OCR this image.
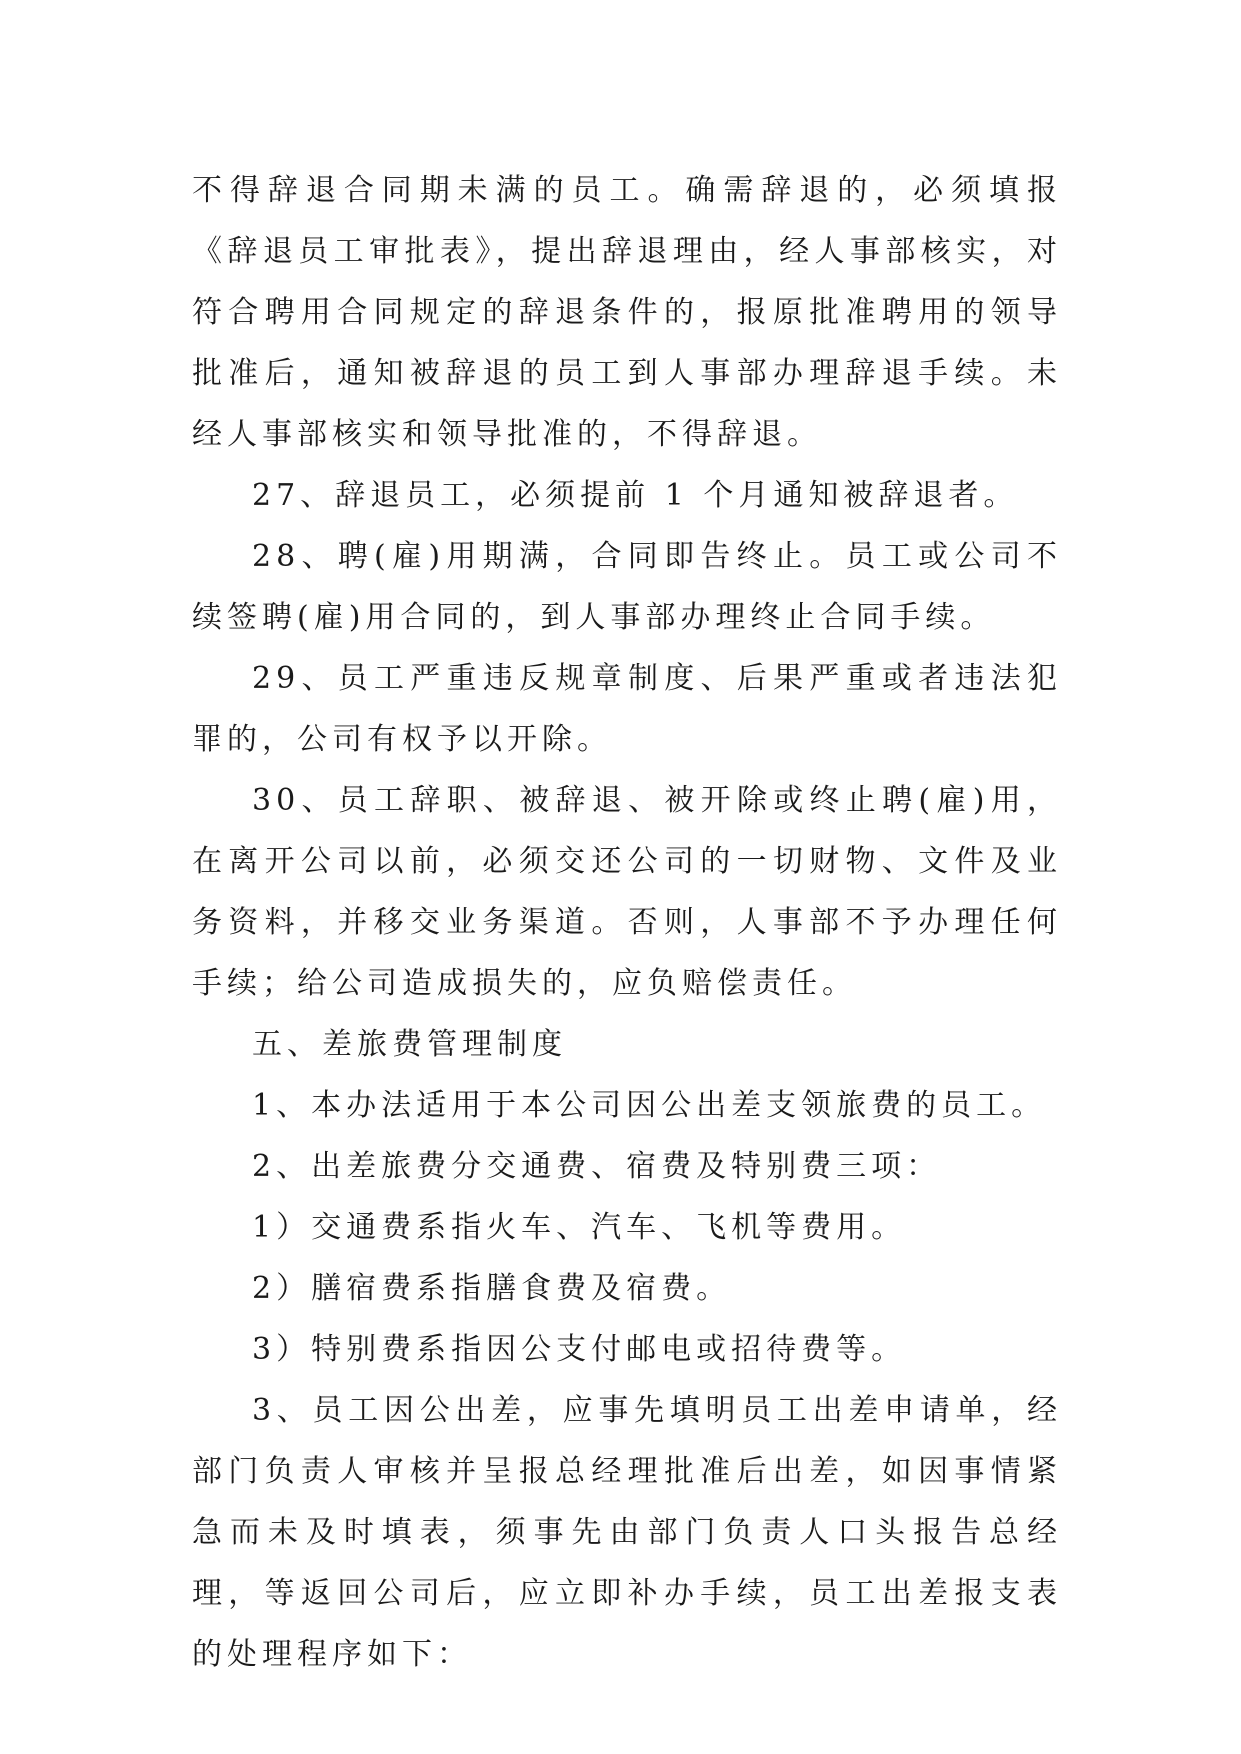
不得辞退合同期未满的员工。确需辞退的，必须填报《辞退员工审批表》，提出辞退理由，经人事部核实，对符合聘用合同规定的辞退条件的，报原批准聘用的领导批准后，通知被辞退的员工到人事部办理辞退手续。未经人事部核实和领导批准的，不得辞退。

27、辞退员工，必须提前 1 个月通知被辞退者。

28、聘(雇)用期满，合同即告终止。员工或公司不续签聘(雇)用合同的，到人事部办理终止合同手续。

29、员工严重违反规章制度、后果严重或者违法犯罪的，公司有权予以开除。

30、员工辞职、被辞退、被开除或终止聘(雇)用，在离开公司以前，必须交还公司的一切财物、文件及业务资料，并移交业务渠道。否则，人事部不予办理任何手续；给公司造成损失的，应负赔偿责任。

五、差旅费管理制度

1、本办法适用于本公司因公出差支领旅费的员工。

2、出差旅费分交通费、宿费及特别费三项：

1）交通费系指火车、汽车、飞机等费用。

2）膳宿费系指膳食费及宿费。

3）特别费系指因公支付邮电或招待费等。

3、员工因公出差，应事先填明员工出差申请单，经部门负责人审核并呈报总经理批准后出差，如因事情紧急而未及时填表，须事先由部门负责人口头报告总经理，等返回公司后，应立即补办手续，员工出差报支表的处理程序如下：
